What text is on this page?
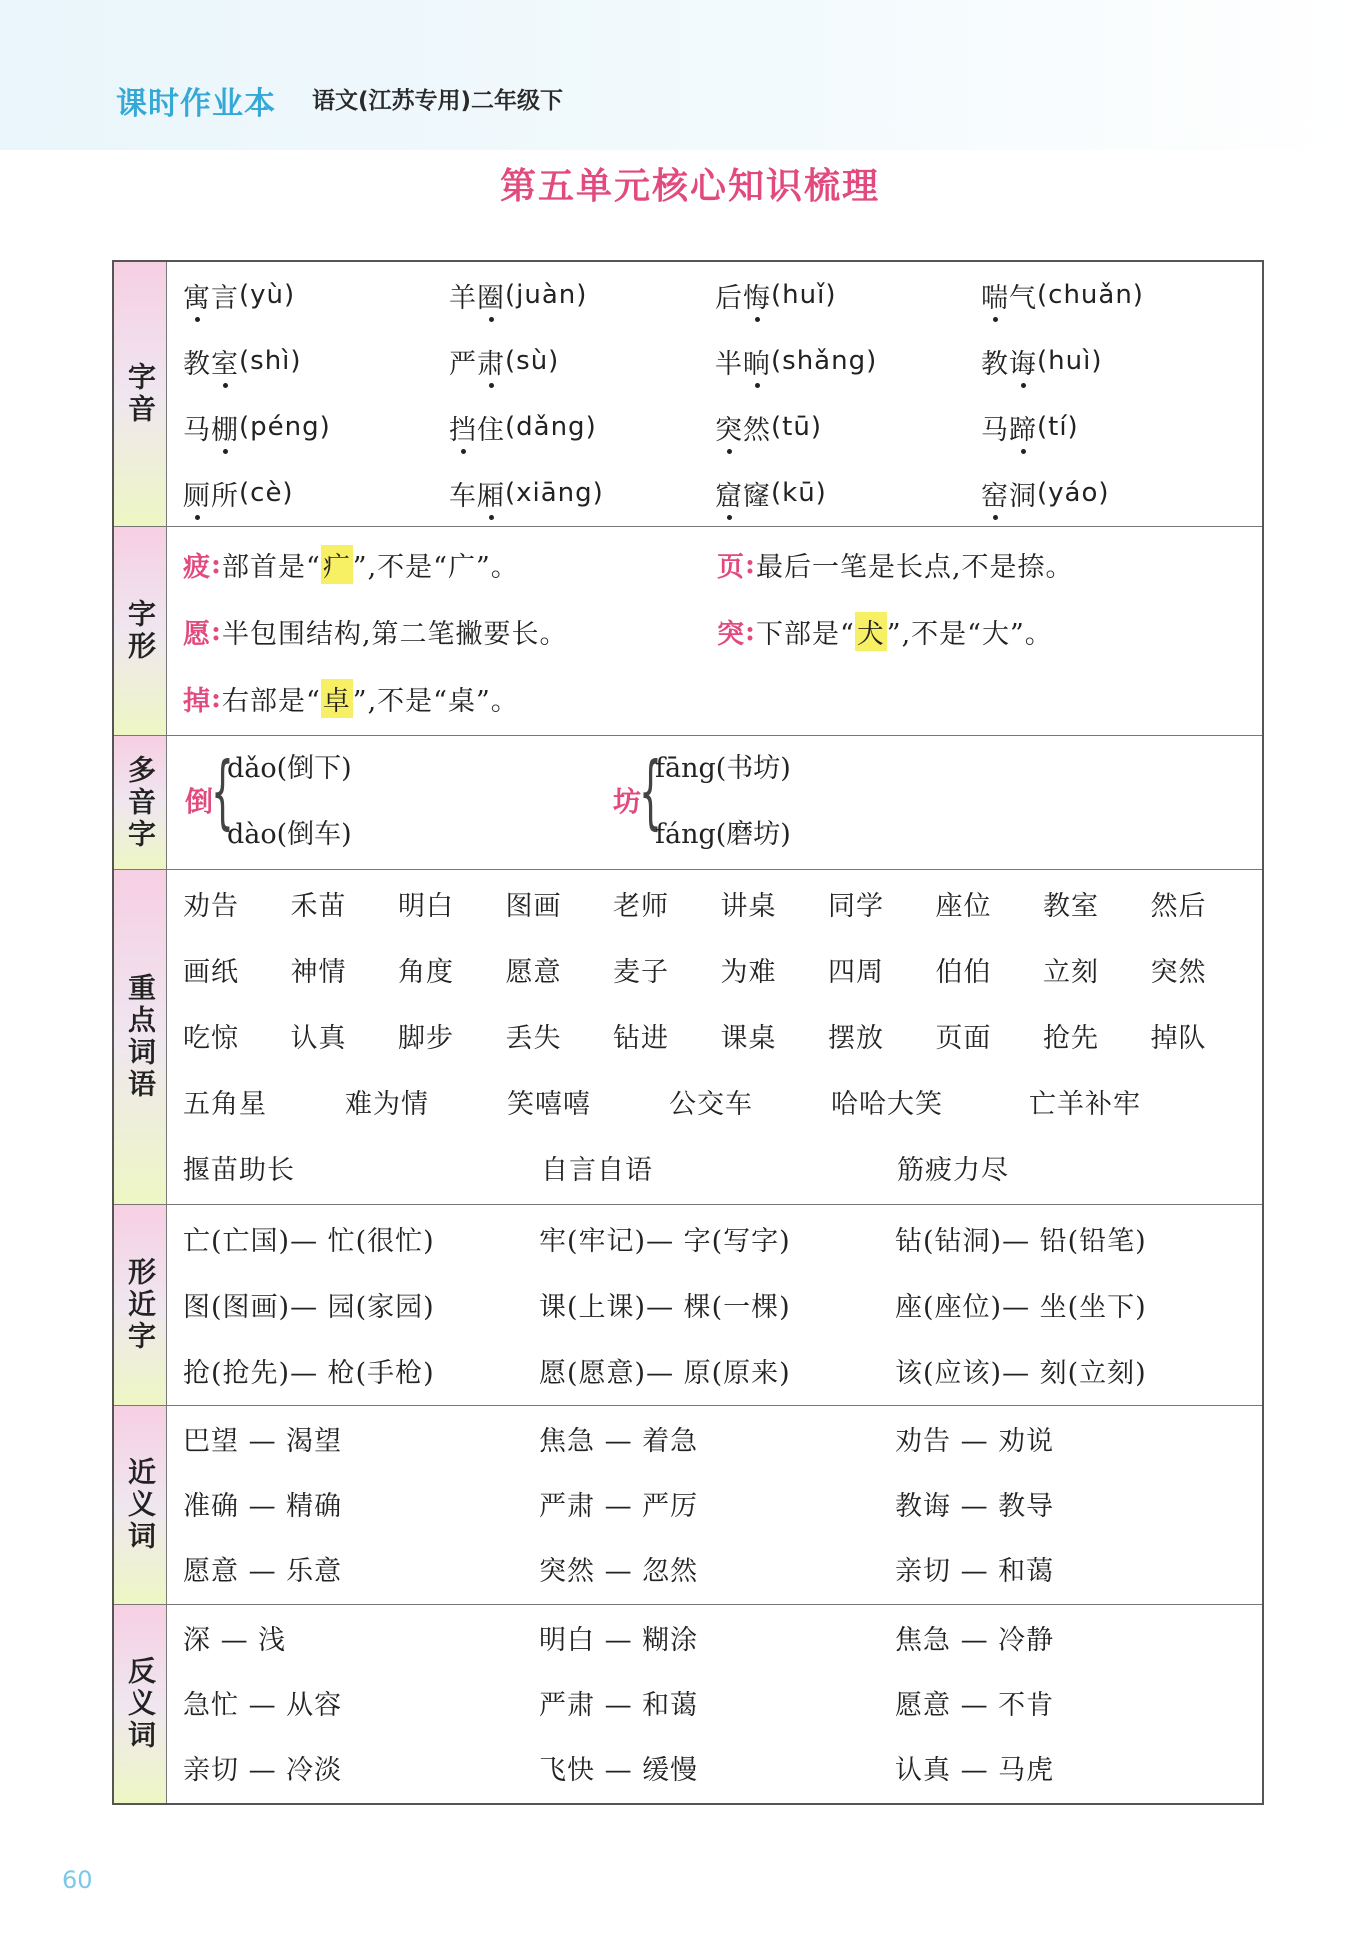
课时作业本 语文(江苏专用)二年级下
第五单元核心知识梳理
字音
寓 言 (yù)	羊 圈 (juàn)	后 悔 (huǐ)	喘 气 (chuǎn)
教 室 (shì)	严 肃 (sù)	半 晌 (shǎng)	教 诲 (huì)
马 棚 (péng)	挡 住 (dǎng)	突 然 (tū)	马 蹄 (tí)
厕 所 (cè)	车 厢 (xiāng)	窟 窿 (kū)	窑 洞 (yáo)
字形
疲 : 部首是“ 疒 ”,不是“广”。	页 : 最后一笔是长点,不是捺。
愿 : 半包围结构,第二笔撇要长。	突 : 下部是“ 犬 ”,不是“大”。
掉 : 右部是“ 卓 ”,不是“桌”。
多音字 倒
{
dǎo(倒下)
dào(倒车)
坊
{
fāng(书坊)
fáng(磨坊)
重点词语
劝告	禾苗	明白	图画	老师	讲桌	同学	座位	教室	然后
画纸	神情	角度	愿意	麦子	为难	四周	伯伯	立刻	突然
吃惊	认真	脚步	丢失	钻进	课桌	摆放	页面	抢先	掉队
五角星	难为情	笑嘻嘻	公交车	哈哈大笑	亡羊补牢
揠苗助长	自言自语	筋疲力尽
形近字
亡(亡国)— 忙(很忙)	牢(牢记)— 字(写字)	钻(钻洞)— 铅(铅笔)
图(图画)— 园(家园)	课(上课)— 棵(一棵)	座(座位)— 坐(坐下)
抢(抢先)— 枪(手枪)	愿(愿意)— 原(原来)	该(应该)— 刻(立刻)
近义词
巴望 — 渴望	焦急 — 着急	劝告 — 劝说
准确 — 精确	严肃 — 严厉	教诲 — 教导
愿意 — 乐意	突然 — 忽然	亲切 — 和蔼
反义词
深 — 浅	明白 — 糊涂	焦急 — 冷静
急忙 — 从容	严肃 — 和蔼	愿意 — 不肯
亲切 — 冷淡	飞快 — 缓慢	认真 — 马虎
60
